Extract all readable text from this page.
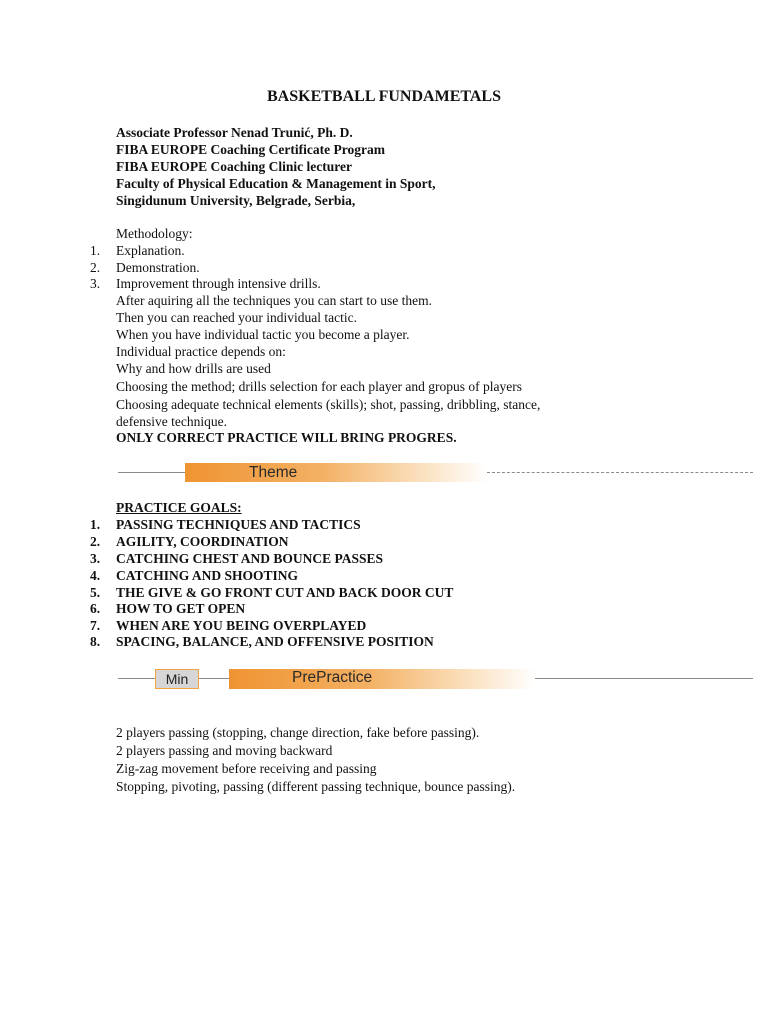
BASKETBALL FUNDAMETALS
Associate Professor Nenad Trunić, Ph. D.
FIBA EUROPE Coaching Certificate Program
FIBA EUROPE Coaching Clinic lecturer
Faculty of Physical Education & Management in Sport,
Singidunum University, Belgrade, Serbia,
Methodology:
1. Explanation.
2. Demonstration.
3. Improvement through intensive drills.
After aquiring all the techniques you can start to use them.
Then you can reached your individual tactic.
When you have individual tactic you become a player.
Individual practice depends on:
Why and how drills are used
Choosing the method; drills selection for each player and gropus of players
Choosing adequate technical elements (skills); shot, passing, dribbling, stance,
defensive technique.
ONLY CORRECT PRACTICE WILL BRING PROGRES.
Theme
PRACTICE GOALS:
1. PASSING TECHNIQUES AND TACTICS
2. AGILITY, COORDINATION
3. CATCHING CHEST AND BOUNCE PASSES
4. CATCHING AND SHOOTING
5. THE GIVE & GO FRONT CUT AND BACK DOOR CUT
6. HOW TO GET OPEN
7. WHEN ARE YOU BEING OVERPLAYED
8. SPACING, BALANCE, AND OFFENSIVE POSITION
Min	PrePractice
2 players passing (stopping, change direction, fake before passing).
2 players passing and moving backward
Zig-zag movement before receiving and passing
Stopping, pivoting, passing (different passing technique, bounce passing).
